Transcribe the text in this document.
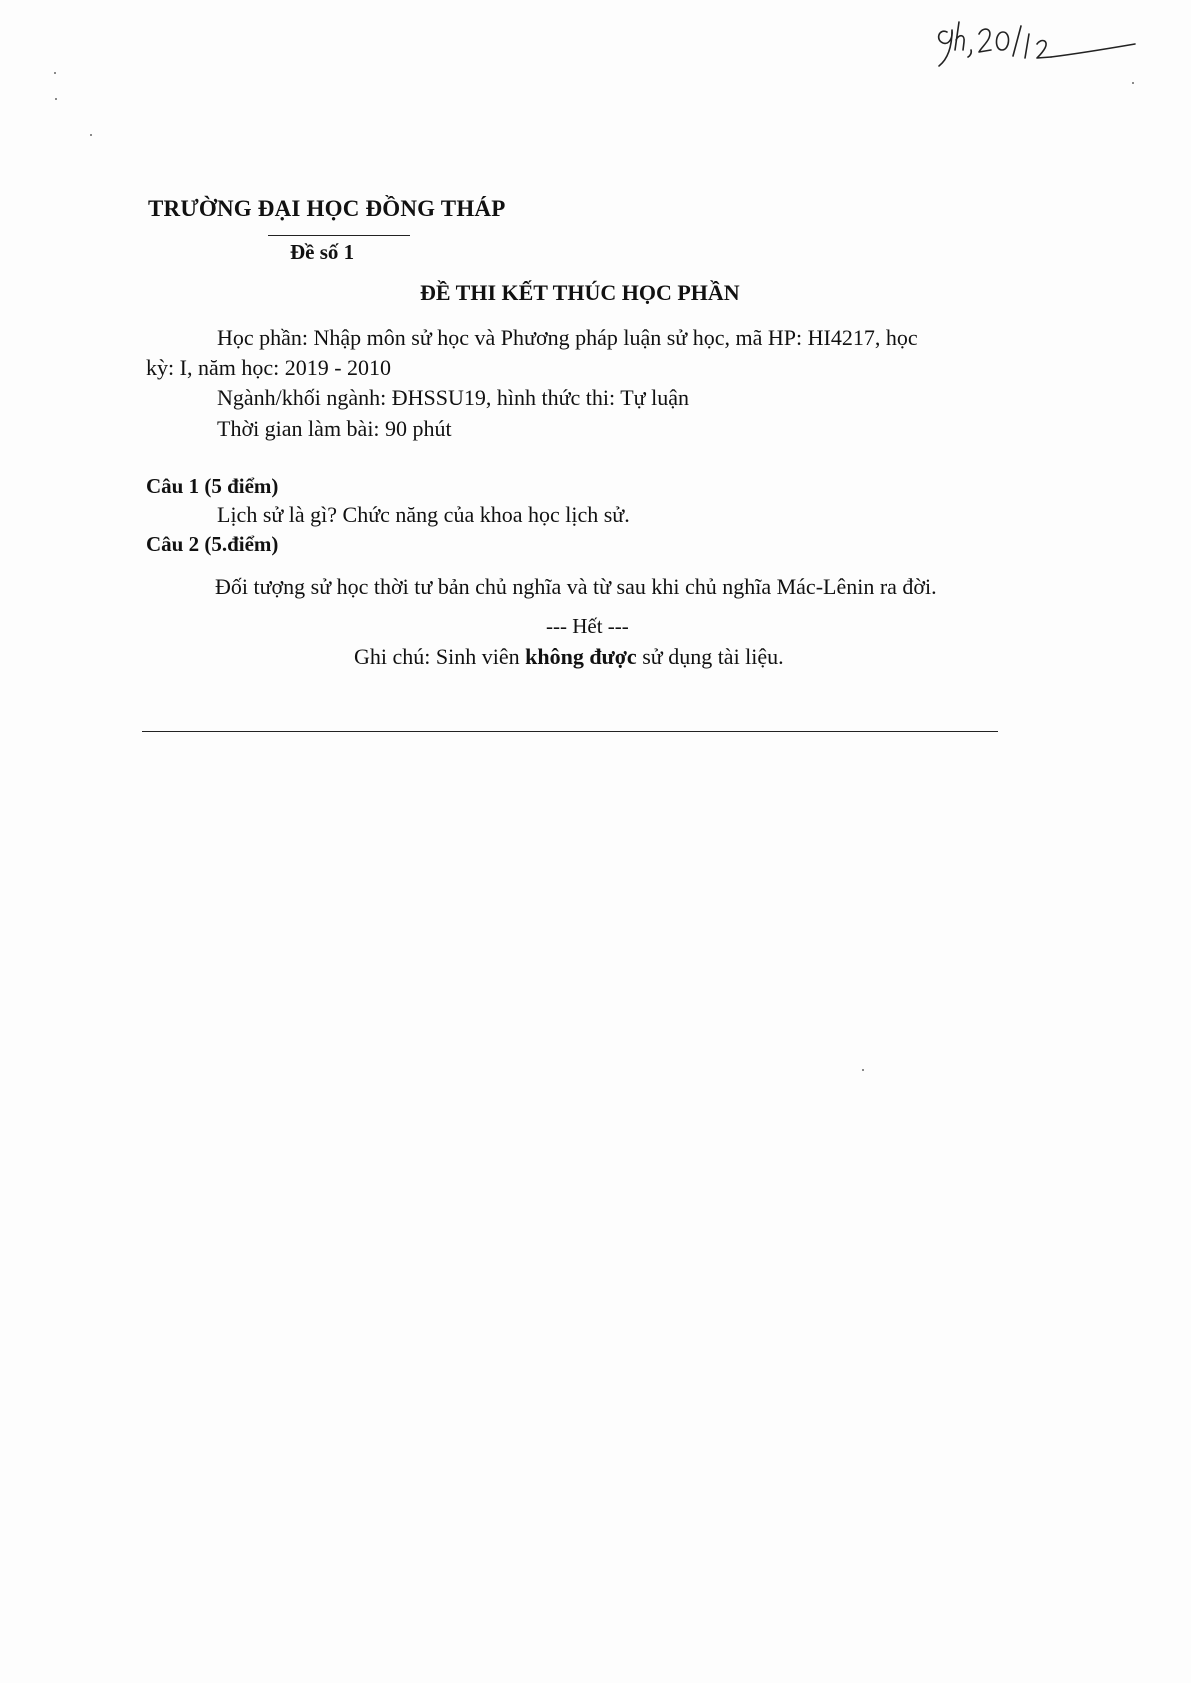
TRƯỜNG ĐẠI HỌC ĐỒNG THÁP
Đề số 1
ĐỀ THI KẾT THÚC HỌC PHẦN
Học phần: Nhập môn sử học và Phương pháp luận sử học, mã HP: HI4217, học
kỳ: I, năm học: 2019 - 2010
Ngành/khối ngành: ĐHSSU19, hình thức thi: Tự luận
Thời gian làm bài: 90 phút
Câu 1 (5 điểm)
Lịch sử là gì? Chức năng của khoa học lịch sử.
Câu 2 (5.điểm)
Đối tượng sử học thời tư bản chủ nghĩa và từ sau khi chủ nghĩa Mác-Lênin ra đời.
--- Hết ---
Ghi chú: Sinh viên không được sử dụng tài liệu.
